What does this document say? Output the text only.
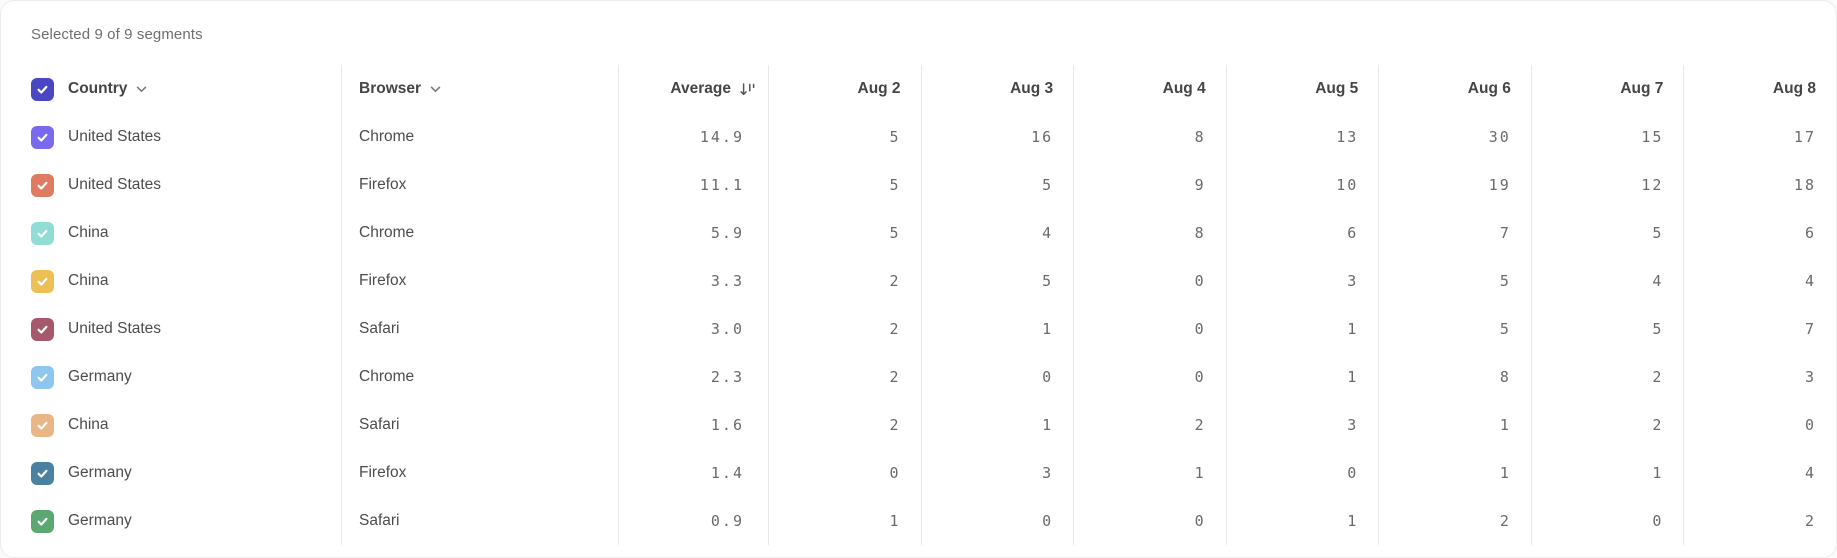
Selected 9 of 9 segments
Country	Browser	Average	Aug 2	Aug 3	Aug 4	Aug 5	Aug 6	Aug 7	Aug 8
United States	Chrome	14.9	5	16	8	13	30	15	17
United States	Firefox	11.1	5	5	9	10	19	12	18
China	Chrome	5.9	5	4	8	6	7	5	6
China	Firefox	3.3	2	5	0	3	5	4	4
United States	Safari	3.0	2	1	0	1	5	5	7
Germany	Chrome	2.3	2	0	0	1	8	2	3
China	Safari	1.6	2	1	2	3	1	2	0
Germany	Firefox	1.4	0	3	1	0	1	1	4
Germany	Safari	0.9	1	0	0	1	2	0	2
